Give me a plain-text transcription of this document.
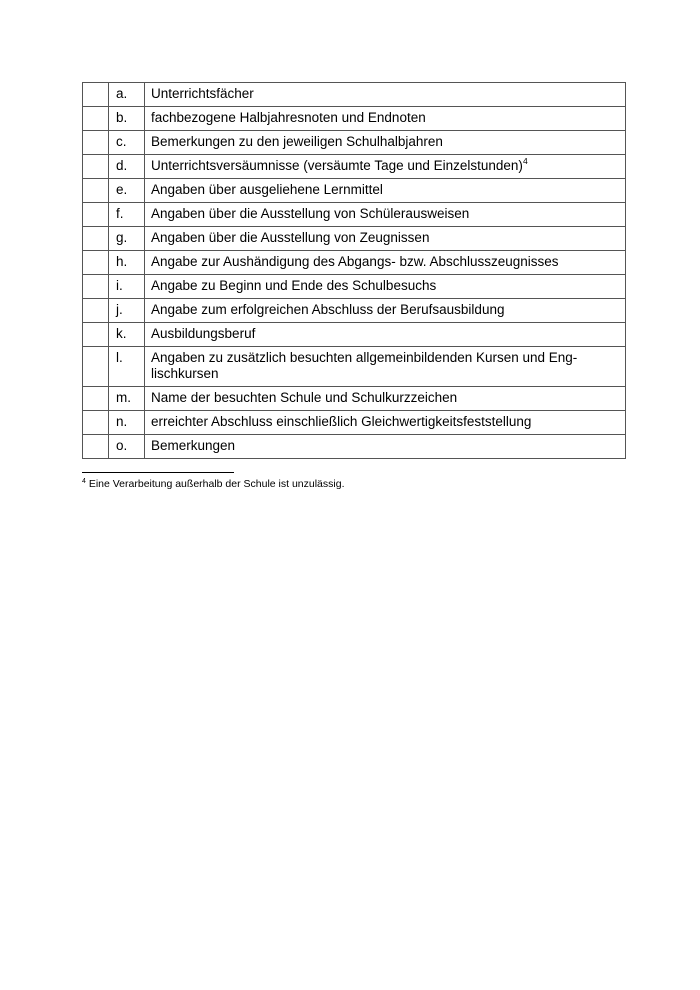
	a.	Unterrichtsfächer
	b.	fachbezogene Halbjahresnoten und Endnoten
	c.	Bemerkungen zu den jeweiligen Schulhalbjahren
	d.	Unterrichtsversäumnisse (versäumte Tage und Einzelstunden)$^4$
	e.	Angaben über ausgeliehene Lernmittel
	f.	Angaben über die Ausstellung von Schülerausweisen
	g.	Angaben über die Ausstellung von Zeugnissen
	h.	Angabe zur Aushändigung des Abgangs- bzw. Abschlusszeugnisses
	i.	Angabe zu Beginn und Ende des Schulbesuchs
	j.	Angabe zum erfolgreichen Abschluss der Berufsausbildung
	k.	Ausbildungsberuf
	l.	Angaben zu zusätzlich besuchten allgemeinbildenden Kursen und Eng-
lischkursen
	m.	Name der besuchten Schule und Schulkurzzeichen
	n.	erreichter Abschluss einschließlich Gleichwertigkeitsfeststellung
	o.	Bemerkungen
$^4$ Eine Verarbeitung außerhalb der Schule ist unzulässig.
